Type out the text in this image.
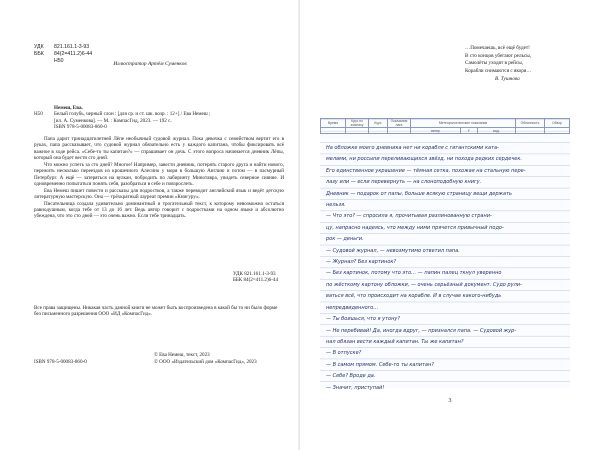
УДК	821.161.1-3-93
ББК	84(2=411.2)6-44
Н50
Иллюстратор Артём Суменков
Немеш, Ева.
Н50	Белый голубь, черный слон : [для ср. и ст. шк. возр. : 12+] / Ева Немеш ;
[ил. А. Суменкова]. — М. : КомпасГид, 2023. — 192 с.
ISBN 978-5-00083-860-0

Папа дарит тринадцатилетней Лёпе необычный судовой журнал. Пока девочка с семейством вертит его в руках, папа рассказывает, что судовой журнал обязательно есть у каждого капитана, чтобы фиксировать всё важное в ходе рейса. «Себе-то ты капитан?» — спрашивает он дочь. С этого вопроса начинается дневник Лёпы, который она будет вести сто дней.

Что можно успеть за сто дней? Многое! Например, завести дневник, потерять старого друга и найти нового, пережить несколько переездов из крошечного Алесино у моря в большую Англию и потом — в пасмурный Петербург. А ещё — затеряться на вулкан, побродить по лабиринту Минотавра, увидеть северное сияние. И одновременно попытаться понять себя, разобраться в себе и повзрослеть.

Ева Немеш пишет повести и рассказы для подростков, а также переводит английский язык и ведёт детскую литературную мастерскую. Она — трёхкратный лауреат премии «Книгуру».

Писательница создала удивительно доминантный и трогательный текст, к которому невозможно остаться равнодушным, когда тебе от 13 до 16 лет. Ведь автор говорит с подростками на одном языке и абсолютно убеждена, что это сто дней — это очень важно. Если тебе тринадцать.

УДК 821.161.1-3-93
ББК 84(2=411.2)6-44
Все права защищены. Никакая часть данной книги не может быть воспроизведена в какой бы то ни было форме без письменного разрешения ООО «ИД «КомпасГид».
© Ева Немеш, текст, 2023
ISBN 978-5-00083-860-0	© ООО «Издательский дом «КомпасГид», 2023
…Помечаешь, всё ещё будет!
В сто концов убегают рельсы,
Самолёты уходят в рейсы,
Корабли снимаются с якоря…
В. Тушнова
Время	Курс по компасу	Курс	Показания лага	Метеорологические показания			Облачность	Обзор
				ветер	t°	вод.		

На обложке моего дневника нет ни корабля с гигантскими ката-

мелами, ни россыпи переливающихся звёзд, ни похода редких сердечек.

Его единственное украшение — тёмная сетка, похожая на стальную пере-

лазу или — если перевернуть — на слоноподобную книгу.

Дневник — подарок от папы, больше всякую страницу вещи держать

нельзя.

— Что это? — спросила я, прочитывая разлинованную страни-

цу, напрасно надеясь, что между ними прячется привычный подо-

рок — деньги.

— Судовой журнал, — невозмутимо ответил папа.

— Журнал? Без картинок?

— Без картинок, потому что это… — папин палец ткнул уверенно

по жёсткому картону обложки, — очень серьёзный документ. Судо рули-

ваться всё, что происходит на корабле. И в случае какого-нибудь

непредвиденного…

— Ты боишься, что я утону?

— Не перебивай! Да, иногда вдруг, — признался папа. — Судовой жур-

нал обязан вести каждый капитан. Ты же капитан?

— В отпуске?

— В самом прямом. Себе-то ты капитан?

— Себе? Вроде да.

— Значит, приступай!

3
